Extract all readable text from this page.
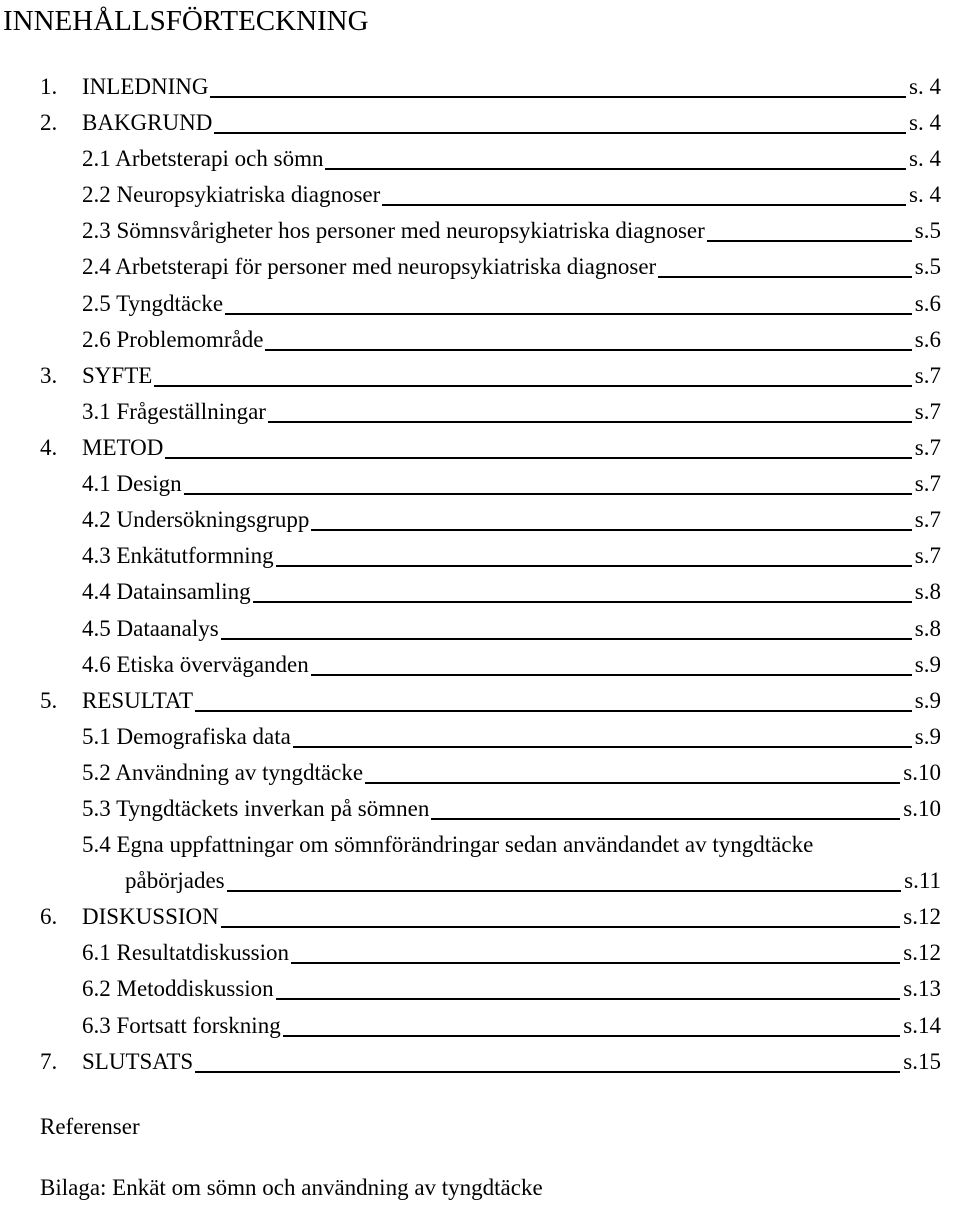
INNEHÅLLSFÖRTECKNING
1. INLEDNING	s. 4
2. BAKGRUND	s. 4
2.1 Arbetsterapi och sömn	s. 4
2.2 Neuropsykiatriska diagnoser	s. 4
2.3 Sömnsvårigheter hos personer med neuropsykiatriska diagnoser	s.5
2.4 Arbetsterapi för personer med neuropsykiatriska diagnoser	s.5
2.5 Tyngdtäcke	s.6
2.6 Problemområde	s.6
3. SYFTE	s.7
3.1 Frågeställningar	s.7
4. METOD	s.7
4.1 Design	s.7
4.2 Undersökningsgrupp	s.7
4.3 Enkätutformning	s.7
4.4 Datainsamling	s.8
4.5 Dataanalys	s.8
4.6 Etiska överväganden	s.9
5. RESULTAT	s.9
5.1 Demografiska data	s.9
5.2 Användning av tyngdtäcke	s.10
5.3 Tyngdtäckets inverkan på sömnen	s.10
5.4 Egna uppfattningar om sömnförändringar sedan användandet av tyngdtäcke
påbörjades	s.11
6. DISKUSSION	s.12
6.1 Resultatdiskussion	s.12
6.2 Metoddiskussion	s.13
6.3 Fortsatt forskning	s.14
7. SLUTSATS	s.15
Referenser
Bilaga: Enkät om sömn och användning av tyngdtäcke
